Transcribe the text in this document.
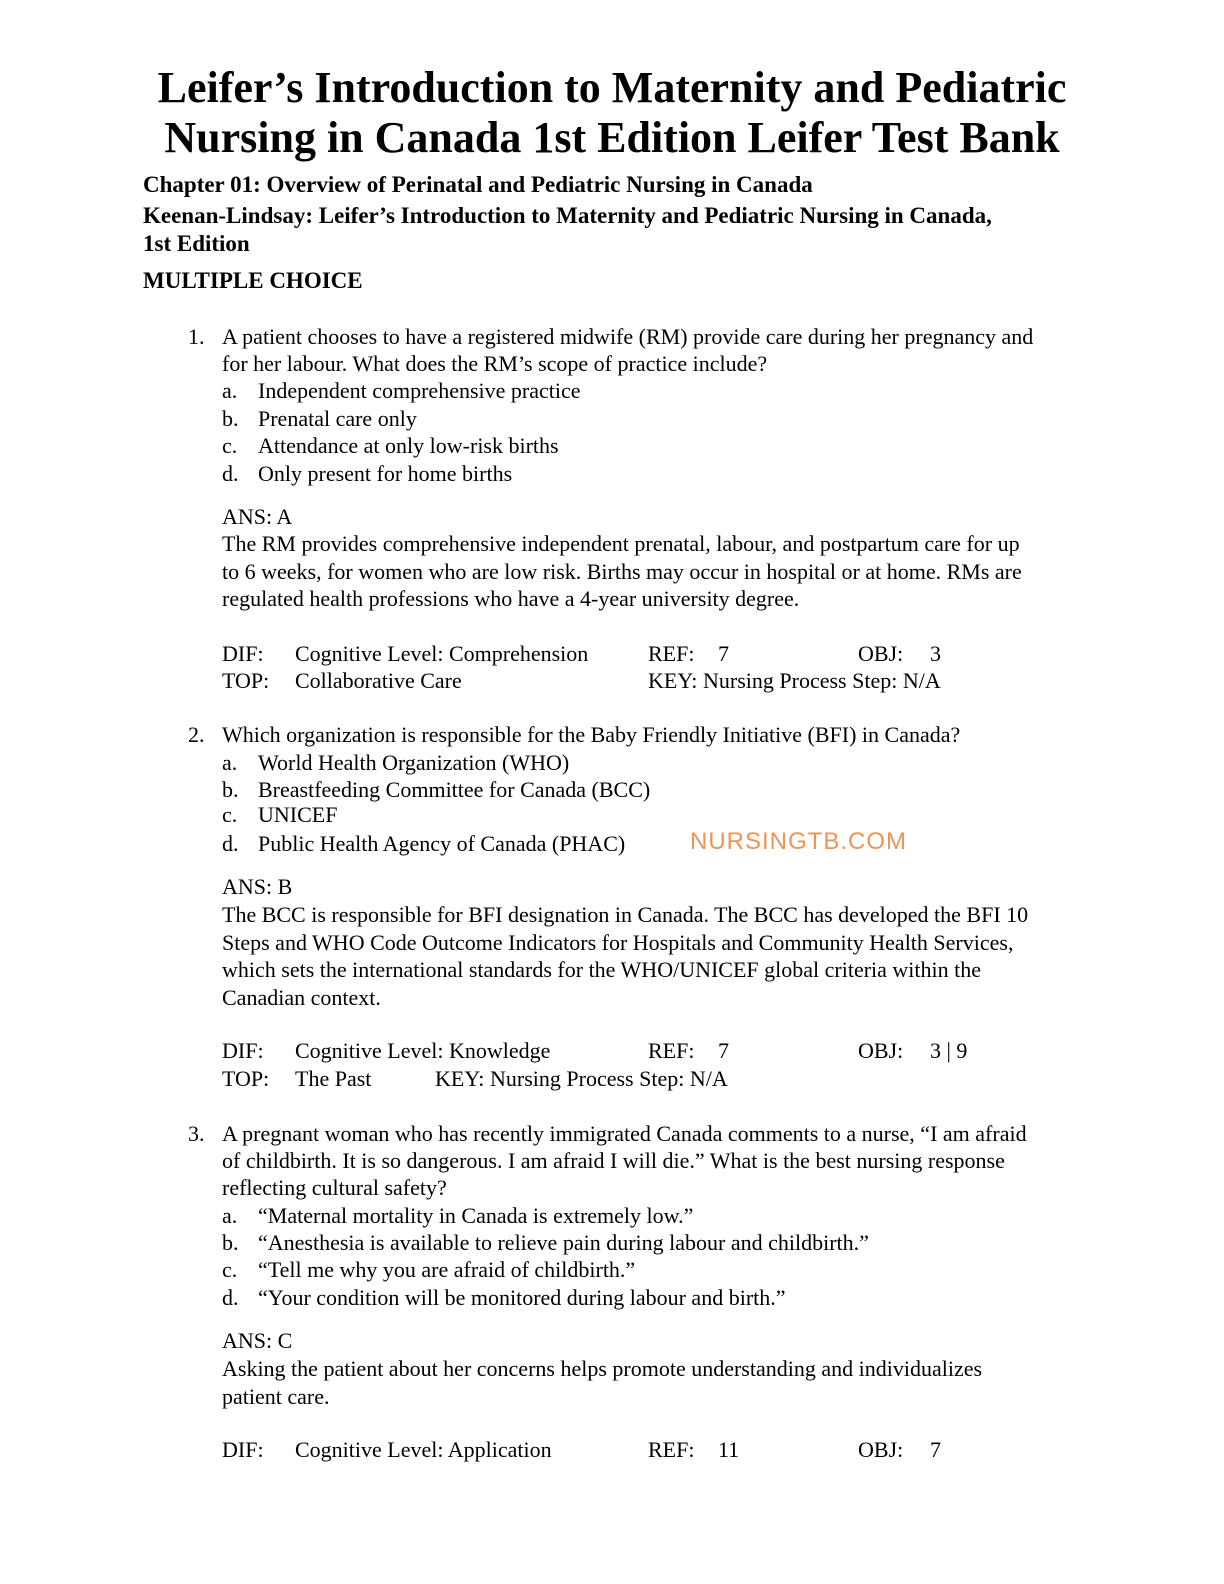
Leifer’s Introduction to Maternity and Pediatric
Nursing in Canada 1st Edition Leifer Test Bank
Chapter 01: Overview of Perinatal and Pediatric Nursing in Canada
Keenan-Lindsay: Leifer’s Introduction to Maternity and Pediatric Nursing in Canada,
1st Edition
MULTIPLE CHOICE
1. A patient chooses to have a registered midwife (RM) provide care during her pregnancy and
for her labour. What does the RM’s scope of practice include?
a. Independent comprehensive practice
b. Prenatal care only
c. Attendance at only low-risk births
d. Only present for home births
ANS: A
The RM provides comprehensive independent prenatal, labour, and postpartum care for up
to 6 weeks, for women who are low risk. Births may occur in hospital or at home. RMs are
regulated health professions who have a 4-year university degree.
DIF: Cognitive Level: Comprehension	REF: 7	OBJ: 3
TOP: Collaborative Care	KEY: Nursing Process Step: N/A
2. Which organization is responsible for the Baby Friendly Initiative (BFI) in Canada?
a. World Health Organization (WHO)
b. Breastfeeding Committee for Canada (BCC)
c. UNICEF
d. Public Health Agency of Canada (PHAC)
ANS: B
The BCC is responsible for BFI designation in Canada. The BCC has developed the BFI 10
Steps and WHO Code Outcome Indicators for Hospitals and Community Health Services,
which sets the international standards for the WHO/UNICEF global criteria within the
Canadian context.
DIF: Cognitive Level: Knowledge	REF: 7	OBJ: 3 | 9
TOP: The Past	KEY: Nursing Process Step: N/A
3. A pregnant woman who has recently immigrated Canada comments to a nurse, “I am afraid
of childbirth. It is so dangerous. I am afraid I will die.” What is the best nursing response
reflecting cultural safety?
a. “Maternal mortality in Canada is extremely low.”
b. “Anesthesia is available to relieve pain during labour and childbirth.”
c. “Tell me why you are afraid of childbirth.”
d. “Your condition will be monitored during labour and birth.”
ANS: C
Asking the patient about her concerns helps promote understanding and individualizes
patient care.
DIF: Cognitive Level: Application	REF: 11	OBJ: 7
NURSINGTB.COM
